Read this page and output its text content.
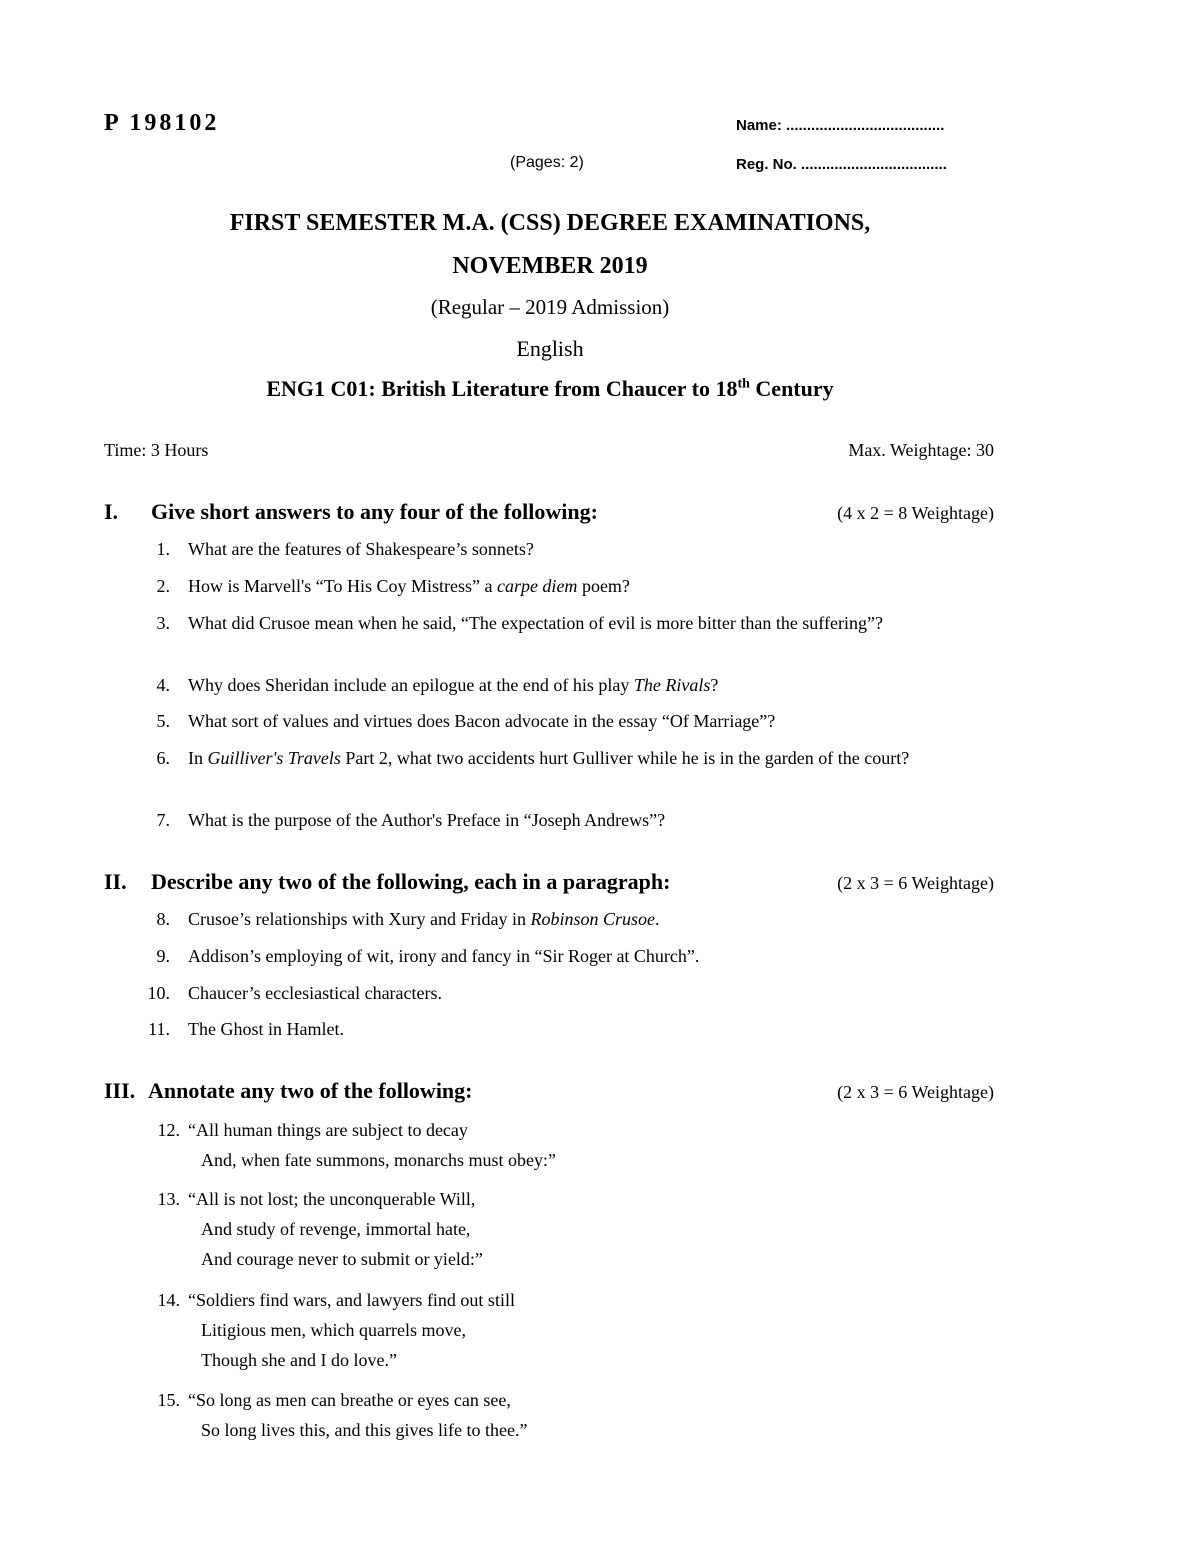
P 198102	Name: ......................................
(Pages: 2)	Reg. No. ...................................
FIRST SEMESTER M.A. (CSS) DEGREE EXAMINATIONS,
NOVEMBER 2019
(Regular – 2019 Admission)
English
ENG1 C01: British Literature from Chaucer to 18th Century
Time: 3 Hours	Max. Weightage: 30
I. Give short answers to any four of the following:	(4 x 2 = 8 Weightage)
1. What are the features of Shakespeare’s sonnets?
2. How is Marvell's “To His Coy Mistress” a carpe diem poem?
3. What did Crusoe mean when he said, “The expectation of evil is more bitter than the suffering”?
4. Why does Sheridan include an epilogue at the end of his play The Rivals?
5. What sort of values and virtues does Bacon advocate in the essay “Of Marriage”?
6. In Guilliver's Travels Part 2, what two accidents hurt Gulliver while he is in the garden of the court?
7. What is the purpose of the Author's Preface in “Joseph Andrews”?
II. Describe any two of the following, each in a paragraph:	(2 x 3 = 6 Weightage)
8. Crusoe’s relationships with Xury and Friday in Robinson Crusoe.
9. Addison’s employing of wit, irony and fancy in “Sir Roger at Church”.
10. Chaucer’s ecclesiastical characters.
11. The Ghost in Hamlet.
III. Annotate any two of the following:	(2 x 3 = 6 Weightage)
12. “All human things are subject to decay
And, when fate summons, monarchs must obey:”
13. “All is not lost; the unconquerable Will,
And study of revenge, immortal hate,
And courage never to submit or yield:”
14. “Soldiers find wars, and lawyers find out still
Litigious men, which quarrels move,
Though she and I do love.”
15. “So long as men can breathe or eyes can see,
So long lives this, and this gives life to thee.”
